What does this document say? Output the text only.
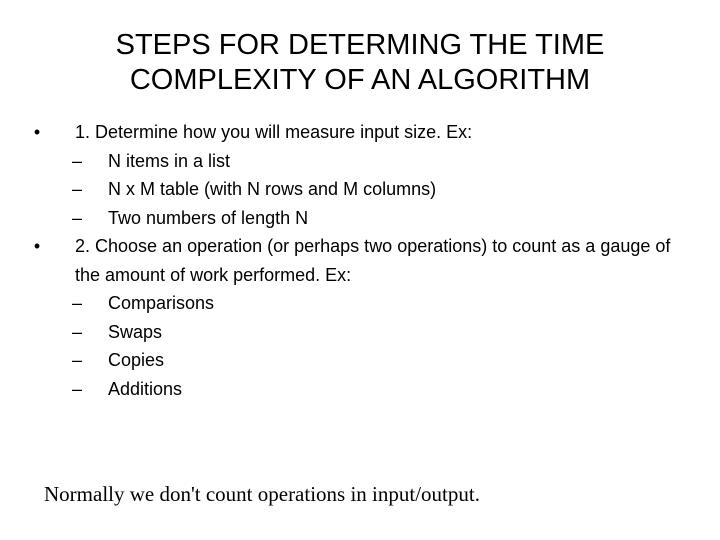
STEPS FOR DETERMING THE TIME
COMPLEXITY OF AN ALGORITHM
• 1. Determine how you will measure input size. Ex:
– N items in a list
– N x M table (with N rows and M columns)
– Two numbers of length N
• 2. Choose an operation (or perhaps two operations) to count as a gauge of the amount of work performed. Ex:
– Comparisons
– Swaps
– Copies
– Additions
Normally we don't count operations in input/output.
